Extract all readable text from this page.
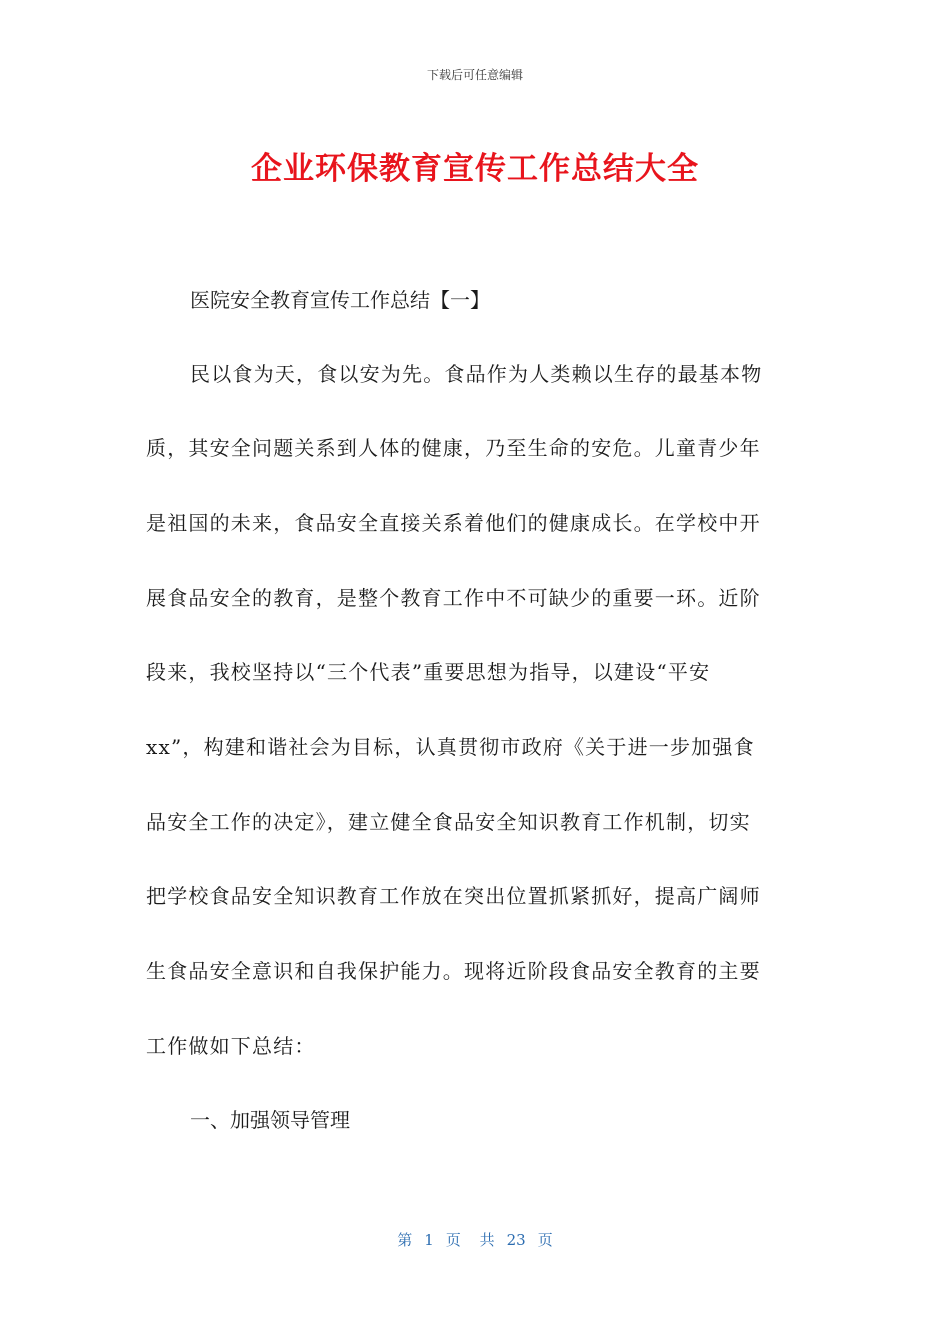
下载后可任意编辑
企业环保教育宣传工作总结大全
医院安全教育宣传工作总结【一】
民以食为天，食以安为先。食品作为人类赖以生存的最基本物
质，其安全问题关系到人体的健康，乃至生命的安危。儿童青少年
是祖国的未来，食品安全直接关系着他们的健康成长。在学校中开
展食品安全的教育，是整个教育工作中不可缺少的重要一环。近阶
段来，我校坚持以“三个代表”重要思想为指导，以建设“平安
xx”，构建和谐社会为目标，认真贯彻市政府《关于进一步加强食
品安全工作的决定》，建立健全食品安全知识教育工作机制，切实
把学校食品安全知识教育工作放在突出位置抓紧抓好，提高广阔师
生食品安全意识和自我保护能力。现将近阶段食品安全教育的主要
工作做如下总结：
一、加强领导管理
第 1 页 共 23 页
